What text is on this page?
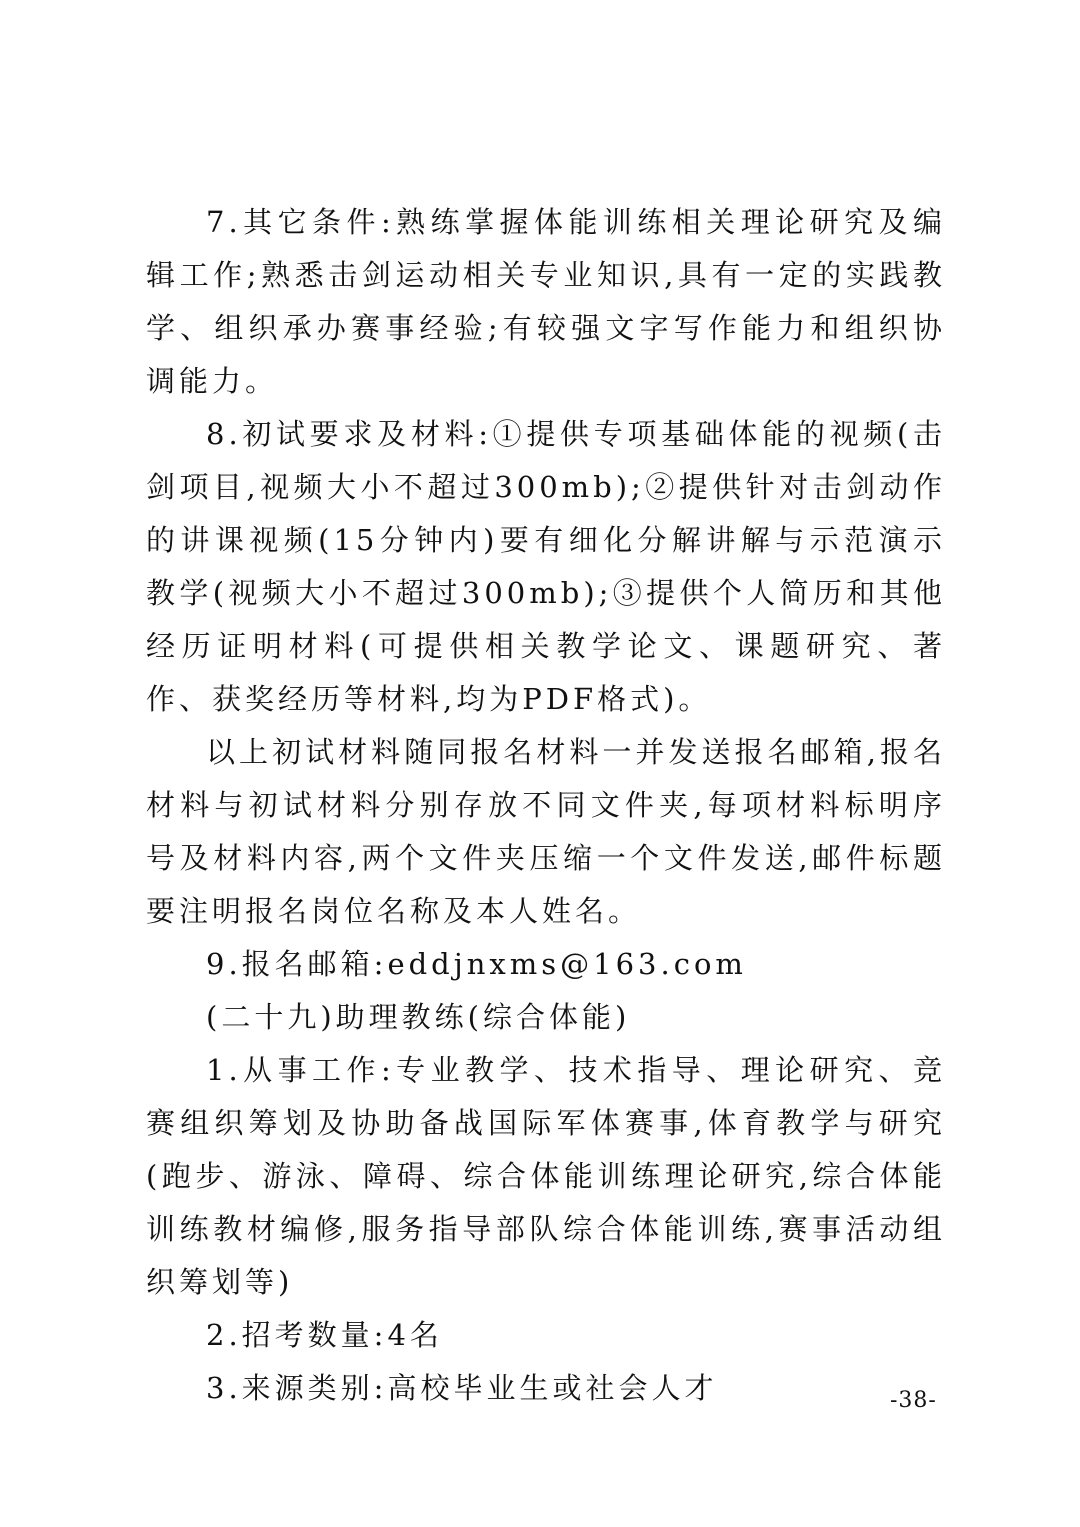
7.其它条件:熟练掌握体能训练相关理论研究及编辑工作;熟悉击剑运动相关专业知识,具有一定的实践教学、组织承办赛事经验;有较强文字写作能力和组织协调能力。

8.初试要求及材料:①提供专项基础体能的视频(击剑项目,视频大小不超过300mb);②提供针对击剑动作的讲课视频(15分钟内)要有细化分解讲解与示范演示教学(视频大小不超过300mb);③提供个人简历和其他经历证明材料(可提供相关教学论文、课题研究、著作、获奖经历等材料,均为PDF格式)。

以上初试材料随同报名材料一并发送报名邮箱,报名材料与初试材料分别存放不同文件夹,每项材料标明序号及材料内容,两个文件夹压缩一个文件发送,邮件标题要注明报名岗位名称及本人姓名。

9.报名邮箱:eddjnxms@163.com

(二十九)助理教练(综合体能)

1.从事工作:专业教学、技术指导、理论研究、竞赛组织筹划及协助备战国际军体赛事,体育教学与研究(跑步、游泳、障碍、综合体能训练理论研究,综合体能训练教材编修,服务指导部队综合体能训练,赛事活动组织筹划等)

2.招考数量:4名

3.来源类别:高校毕业生或社会人才	-38-
